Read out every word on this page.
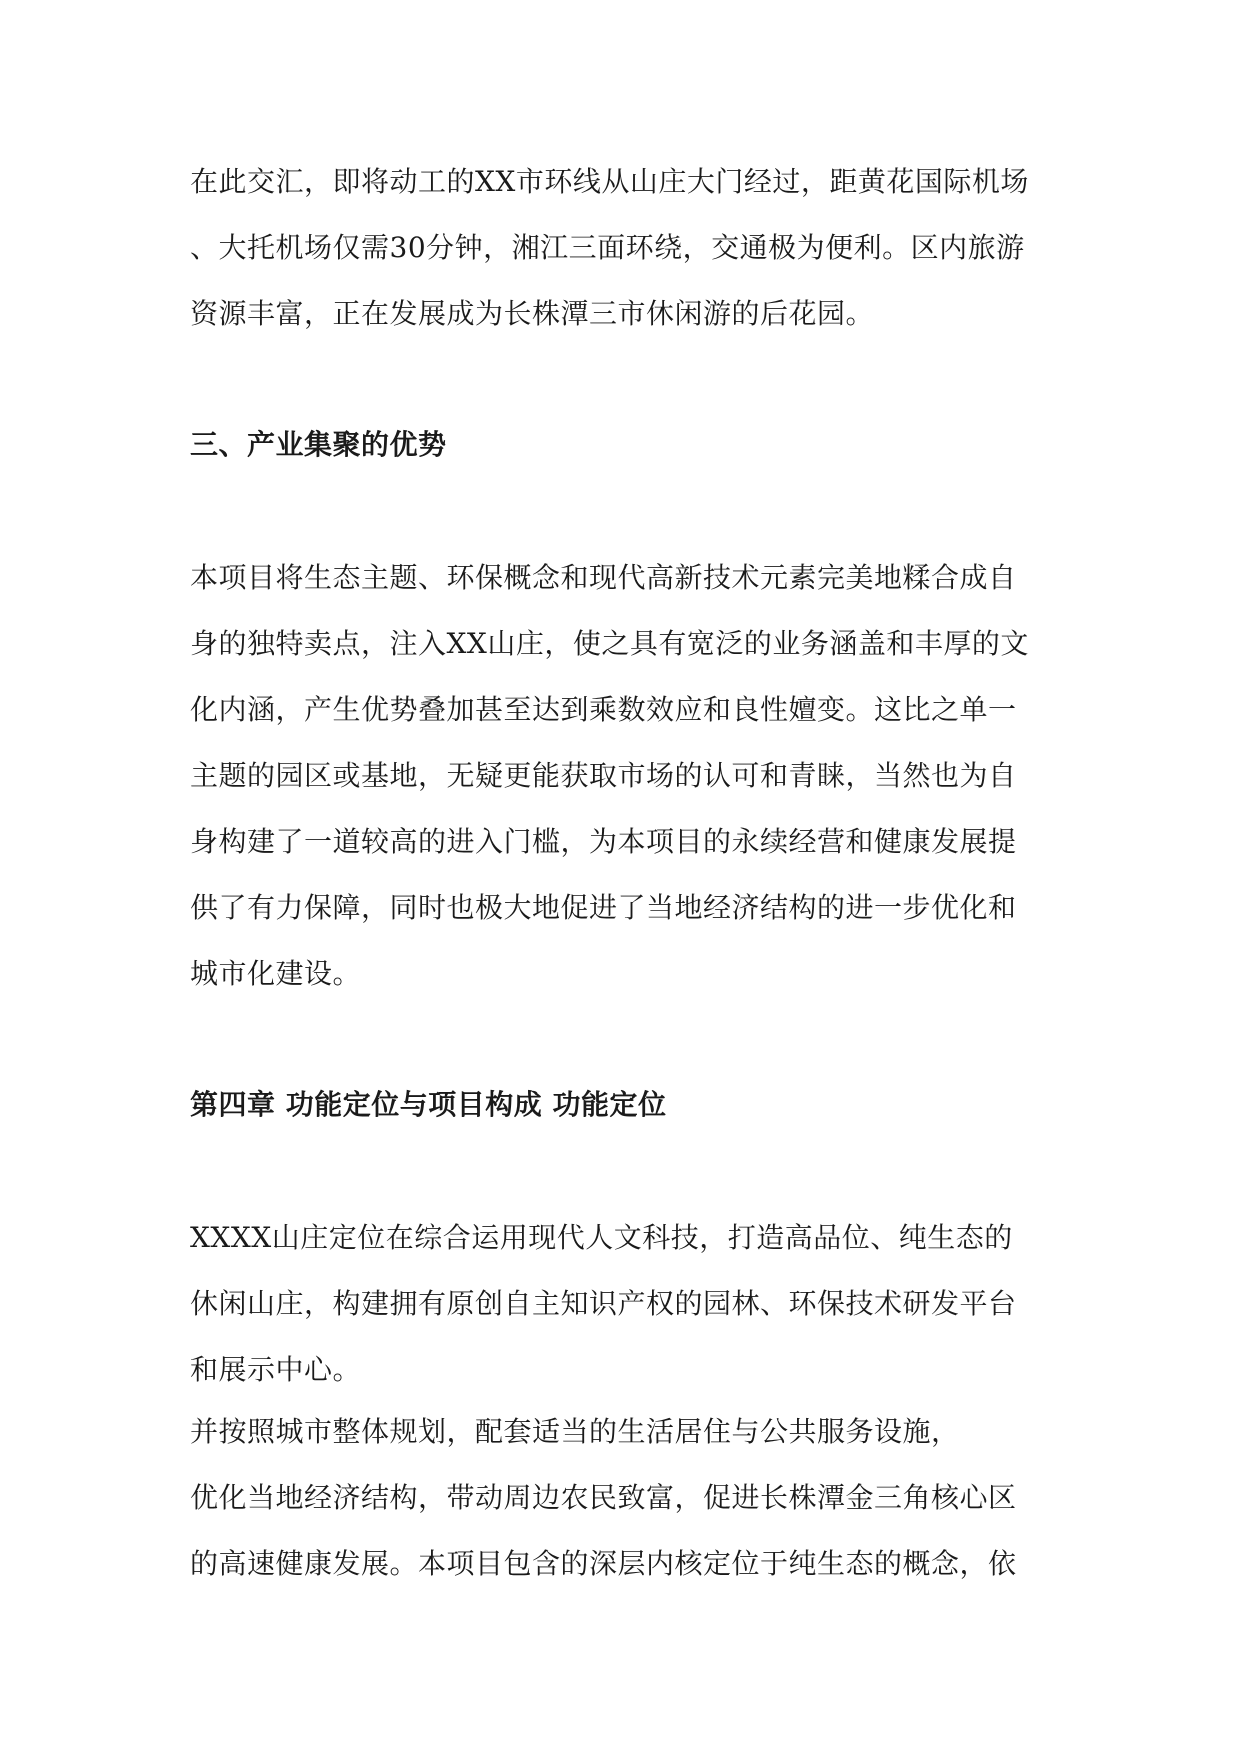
在此交汇，即将动工的XX市环线从山庄大门经过，距黄花国际机场
、大托机场仅需30分钟，湘江三面环绕，交通极为便利。区内旅游
资源丰富，正在发展成为长株潭三市休闲游的后花园。
三、产业集聚的优势
本项目将生态主题、环保概念和现代高新技术元素完美地糅合成自
身的独特卖点，注入XX山庄，使之具有宽泛的业务涵盖和丰厚的文
化内涵，产生优势叠加甚至达到乘数效应和良性嬗变。这比之单一
主题的园区或基地，无疑更能获取市场的认可和青睐，当然也为自
身构建了一道较高的进入门槛，为本项目的永续经营和健康发展提
供了有力保障，同时也极大地促进了当地经济结构的进一步优化和
城市化建设。
第四章 功能定位与项目构成 功能定位
XXXX山庄定位在综合运用现代人文科技，打造高品位、纯生态的
休闲山庄，构建拥有原创自主知识产权的园林、环保技术研发平台
和展示中心。
并按照城市整体规划，配套适当的生活居住与公共服务设施，
优化当地经济结构，带动周边农民致富，促进长株潭金三角核心区
的高速健康发展。本项目包含的深层内核定位于纯生态的概念，依
